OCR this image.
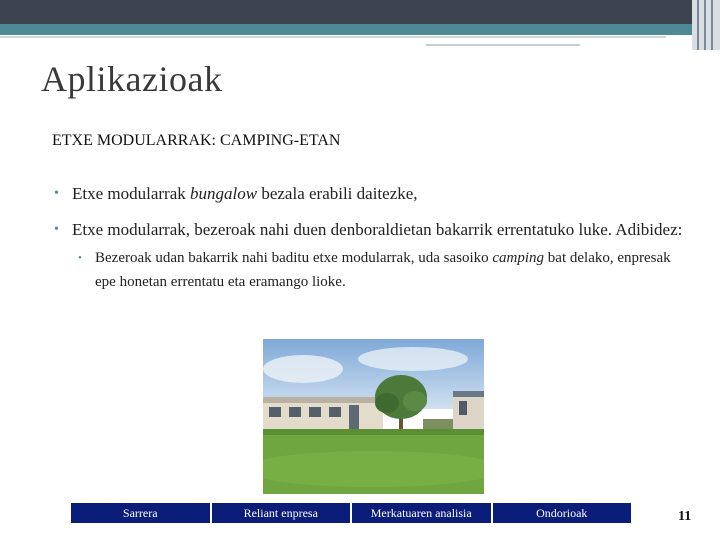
Aplikazioak
ETXE MODULARRAK: CAMPING-ETAN
• Etxe modularrak bungalow bezala erabili daitezke,
• Etxe modularrak, bezeroak nahi duen denboraldietan bakarrik errentatuko luke. Adibidez:
• Bezeroak udan bakarrik nahi baditu etxe modularrak, uda sasoiko camping bat delako, enpresak epe honetan errentatu eta eramango lioke.
Sarrera	Reliant enpresa	Merkatuaren analisia	Ondorioak	11
